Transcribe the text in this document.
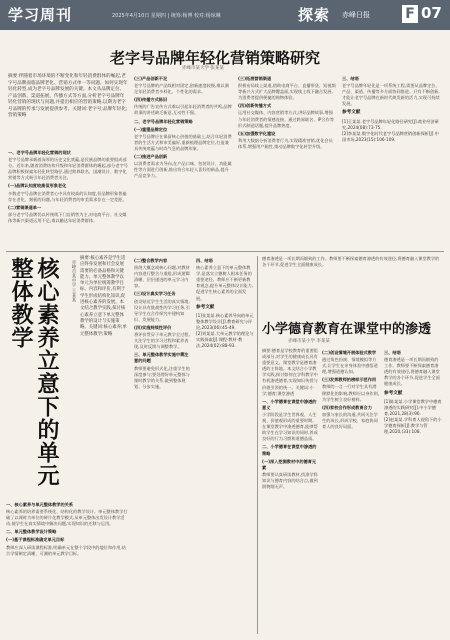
学习周刊	2025年4月10日 星期四 | 统筹:杨博 校对:杨琼琳	探索 赤峰日报	F 07
老字号品牌年轻化营销策略研究
赤峰市某大学 张某某
摘要:伴随着市场环境的不断变化和年轻消费群体的崛起,老字号品牌面临品牌老化、营销方式单一等问题。如何实现年轻化转型,成为老字号品牌发展的关键。本文从品牌定位、产品创新、渠道拓展、传播方式等方面,分析老字号品牌年轻化营销的现状与问题,并提出相应的营销策略,以期为老字号品牌的传承与发展提供参考。关键词:老字号;品牌年轻化;营销策略

一、老字号品牌年轻化营销的现状

老字号品牌承载着深厚的历史文化底蕴,是民族品牌的重要组成部分。近年来,随着消费结构升级和年轻消费群体的崛起,部分老字号品牌积极探索年轻化转型路径,通过跨界联名、国潮设计、数字化营销等方式吸引年轻消费者关注。

(一)品牌认知度较高但形象老化

多数老字号品牌在消费者心中具有较高的认知度,但品牌形象普遍存在老化、刻板的问题,与年轻消费者的审美需求存在一定差距。

(二)营销渠道单一

部分老字号品牌仍以传统线下门店销售为主,对电商平台、社交媒体等新兴渠道运用不足,难以触达年轻消费群体。

(三)产品创新不足

老字号品牌的产品线相对固定,创新速度较慢,难以满足年轻消费者多样化、个性化的需求。

(四)传播方式陈旧

传统的广告宣传方式难以引起年轻消费者的共鸣,品牌故事的讲述缺乏新意,互动性不强。

二、老字号品牌年轻化营销策略

(一)重塑品牌定位

老字号品牌应在保留核心价值的基础上,结合年轻消费者的生活方式和审美偏好,重新梳理品牌定位,打造兼具传统底蕴与时尚气息的品牌形象。

(二)推进产品创新

以消费者需求为导向,在产品口味、包装设计、功能属性等方面进行创新,推出符合年轻人喜好的新品,提升产品竞争力。

(三)拓展营销渠道

积极布局线上渠道,借助电商平台、直播带货、短视频等新兴方式扩大品牌覆盖面,实现线上线下融合发展,为消费者提供便捷的购物体验。

(四)创新传播方式

运用社交媒体、内容营销等方式,讲好品牌故事,增强与年轻消费者的情感连接。通过跨界联名、IP合作等形式制造话题,提升品牌热度。

(五)加强数字化建设

利用大数据分析消费者行为,实现精准营销,优化会员体系,增强用户黏性,推动品牌数字化转型升级。

三、结语

老字号品牌年轻化是一项系统工程,需要从品牌定位、产品、渠道、传播等多方面协同推进。只有不断创新,才能让老字号品牌在新时代焕发新的活力,实现可持续发展。

参考文献

[1]王某某.老字号品牌年轻化路径研究[J].商业经济研究,2024(08):73-75.

[2]李某某.数字化时代老字号品牌营销创新探析[J].中国市场,2023(15):106-109.

核心素养立意下的单元整体教学	赤峰市某中学 王某某
摘要:核心素养是学生适应终身发展和社会发展需要的必备品格和关键能力。单元整体教学以单元为单位统筹教学目标、内容和评价,有利于学生形成结构化知识,促进核心素养的发展。本文结合教学实践,探讨核心素养立意下单元整体教学的设计与实施策略。关键词:核心素养;单元整体教学;策略

一、核心素养与单元整体教学的关系

核心素养的培养需要系统化、结构化的教学设计。单元整体教学打破了以课时为单位的碎片化教学模式,从单元整体出发设计教学活动,使学生在真实情境中解决问题,实现知识的迁移与运用。

二、单元整体教学设计策略

(一)基于课程标准确定单元目标

教师应深入研读课程标准,明确单元在整个学段中的地位和作用,结合学情制定清晰、可测的单元教学目标。

(二)整合教学内容

围绕大概念或核心问题,对教材内容进行整合与重组,形成逻辑清晰、层层递进的单元学习内容。

(三)设计真实学习任务

创设贴近学生生活的真实情境,设计具有挑战性的学习任务,引导学生在合作探究中建构知识、发展能力。

(四)实施持续性评价

将评价贯穿于单元教学全过程,关注学生的学习过程和素养表现,及时反馈与调整教学。

三、单元整体教学实施中需注意的问题

教师要避免形式化,注重学生的深度参与;要处理好单元整体与课时教学的关系,做到整体规划、分步实施。

四、结语

核心素养立意下的单元整体教学,是落实立德树人根本任务的重要途径。教师应不断更新教育观念,提升单元整体设计能力,促进学生核心素养的全面发展。

参考文献

[1]张某某.核心素养导向的单元整体教学设计[J].教育研究与评论,2023(06):45-49.

[2]刘某某.大单元教学的理论与实践探索[J].课程·教材·教法,2024(02):88-93.

德育渗透是一项长期而细致的工作。教师要不断探索德育渗透的有效途径,将德育融入课堂教学的各个环节,促进学生全面健康成长。

小学德育教育在课堂中的渗透
赤峰市某小学 李某某

摘要:德育是学校教育的重要组成部分,对学生的健康成长具有重要意义。课堂教学是德育渗透的主阵地。本文结合小学教学实践,探讨如何在学科教学中有机渗透德育,实现知识传授与价值引领的统一。关键词:小学;德育;课堂渗透

一、小学德育在课堂中渗透的意义

小学阶段是学生世界观、人生观、价值观形成的重要时期。在课堂教学中渗透德育,能够帮助学生在学习知识的同时,养成良好的行为习惯和道德品质。

二、小学德育在课堂中渗透的策略

(一)深入挖掘教材中的德育元素

教师要认真研读教材,找准学科知识与德育内容的结合点,做到润物细无声。

(二)创设情境开展体验式教学

通过角色扮演、情境模拟等方式,让学生在亲身体验中感悟道理,增强道德认知。

(三)发挥教师的榜样示范作用

教师的一言一行对学生具有潜移默化的影响,教师应以身作则,为学生树立良好榜样。

(四)家校合作形成教育合力

加强与家长的沟通,共同关注学生的成长,形成学校、家庭协同育人的良好局面。

三、结语

德育渗透是一项长期而细致的工作。教师要不断探索德育渗透的有效途径,将德育融入课堂教学的各个环节,促进学生全面健康成长。

参考文献

[1]陈某某.小学课堂教学中德育渗透的实践研究[J].中小学德育,2021,28(3):96.

[2]赵某某.学科育人视角下的小学德育探析[J].教学与管理,2020,(33):108.
